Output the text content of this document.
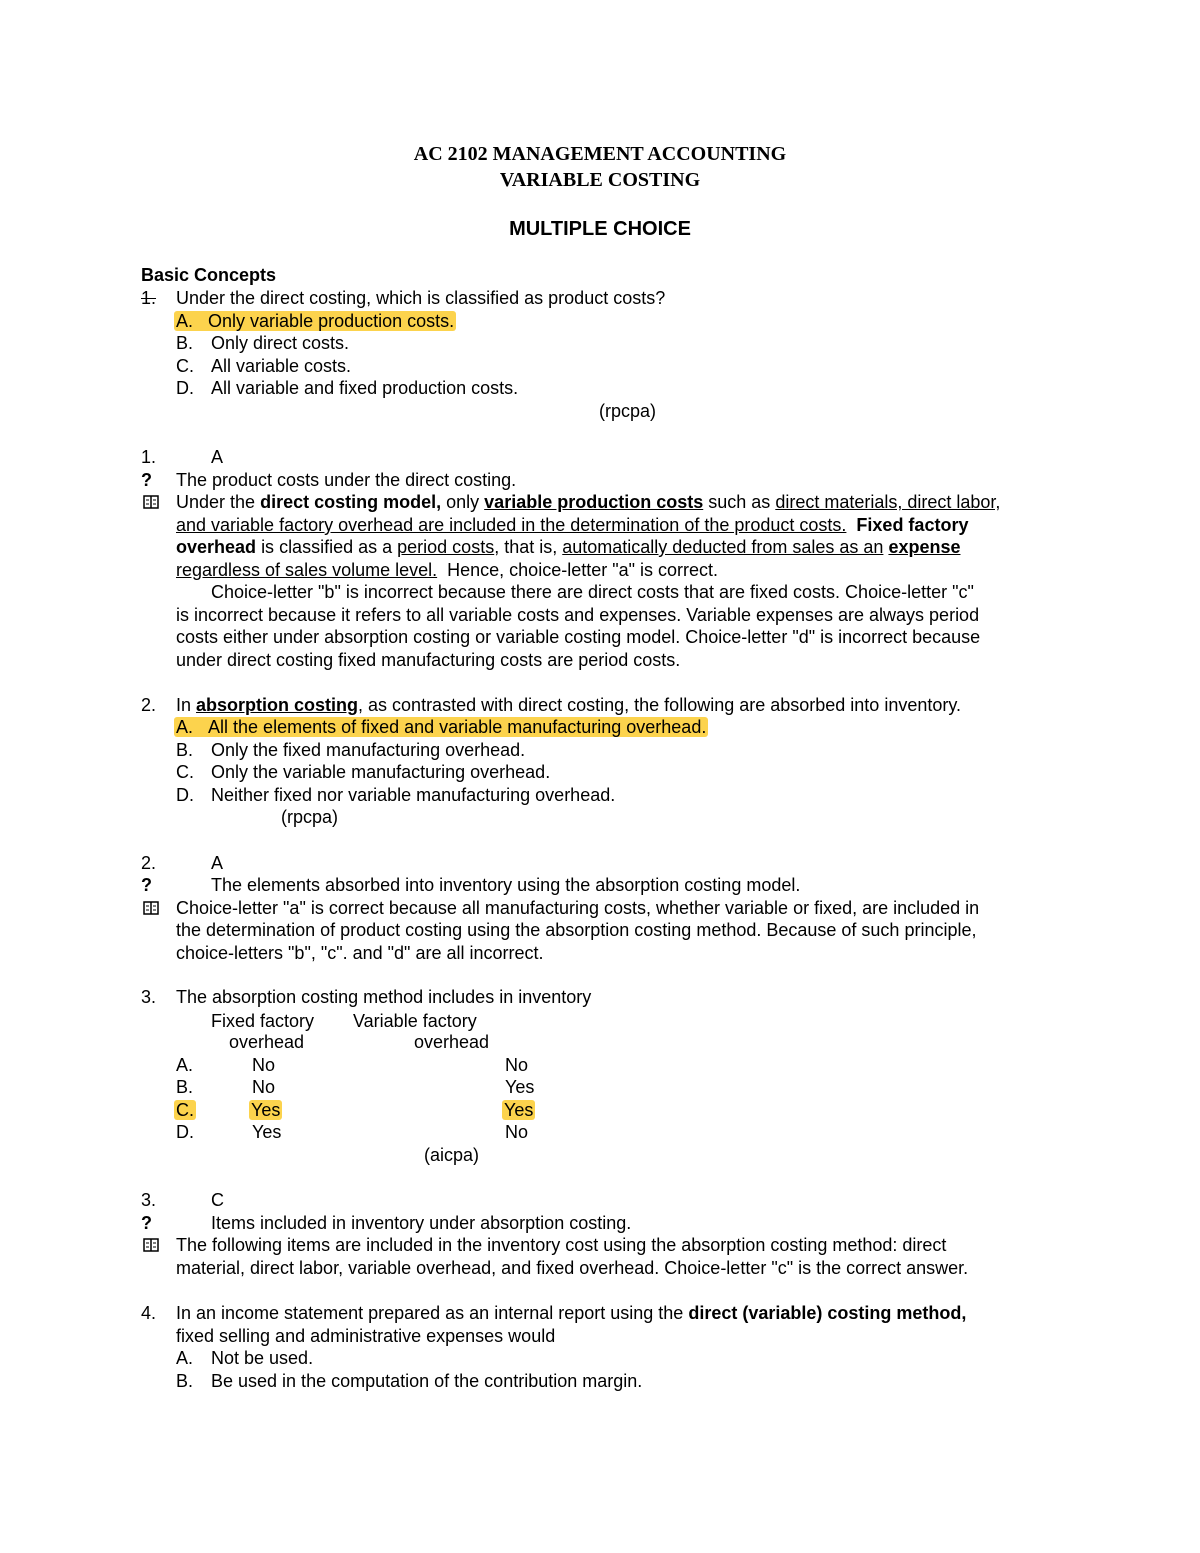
AC 2102 MANAGEMENT ACCOUNTING
VARIABLE COSTING
MULTIPLE CHOICE
Basic Concepts
1. Under the direct costing, which is classified as product costs?
A. Only variable production costs.
B. Only direct costs.
C. All variable costs.
D. All variable and fixed production costs.
(rpcpa)
1.	A
? The product costs under the direct costing.
Under the direct costing model, only variable production costs such as direct materials, direct labor,
and variable factory overhead are included in the determination of the product costs. Fixed factory
overhead is classified as a period costs, that is, automatically deducted from sales as an expense
regardless of sales volume level. Hence, choice-letter "a" is correct.
Choice-letter "b" is incorrect because there are direct costs that are fixed costs. Choice-letter "c"
is incorrect because it refers to all variable costs and expenses. Variable expenses are always period
costs either under absorption costing or variable costing model. Choice-letter "d" is incorrect because
under direct costing fixed manufacturing costs are period costs.
2. In absorption costing, as contrasted with direct costing, the following are absorbed into inventory.
A. All the elements of fixed and variable manufacturing overhead.
B. Only the fixed manufacturing overhead.
C. Only the variable manufacturing overhead.
D. Neither fixed nor variable manufacturing overhead.
(rpcpa)
2.	A
?	The elements absorbed into inventory using the absorption costing model.
Choice-letter "a" is correct because all manufacturing costs, whether variable or fixed, are included in
the determination of product costing using the absorption costing method. Because of such principle,
choice-letters "b", "c". and "d" are all incorrect.
3. The absorption costing method includes in inventory
Fixed factory
overhead
Variable factory
overhead
A.	No	No
B.	No	Yes
C.	Yes	Yes
D.	Yes	No
(aicpa)
3.	C
?	Items included in inventory under absorption costing.
The following items are included in the inventory cost using the absorption costing method: direct
material, direct labor, variable overhead, and fixed overhead. Choice-letter "c" is the correct answer.
4. In an income statement prepared as an internal report using the direct (variable) costing method,
fixed selling and administrative expenses would
A. Not be used.
B. Be used in the computation of the contribution margin.
